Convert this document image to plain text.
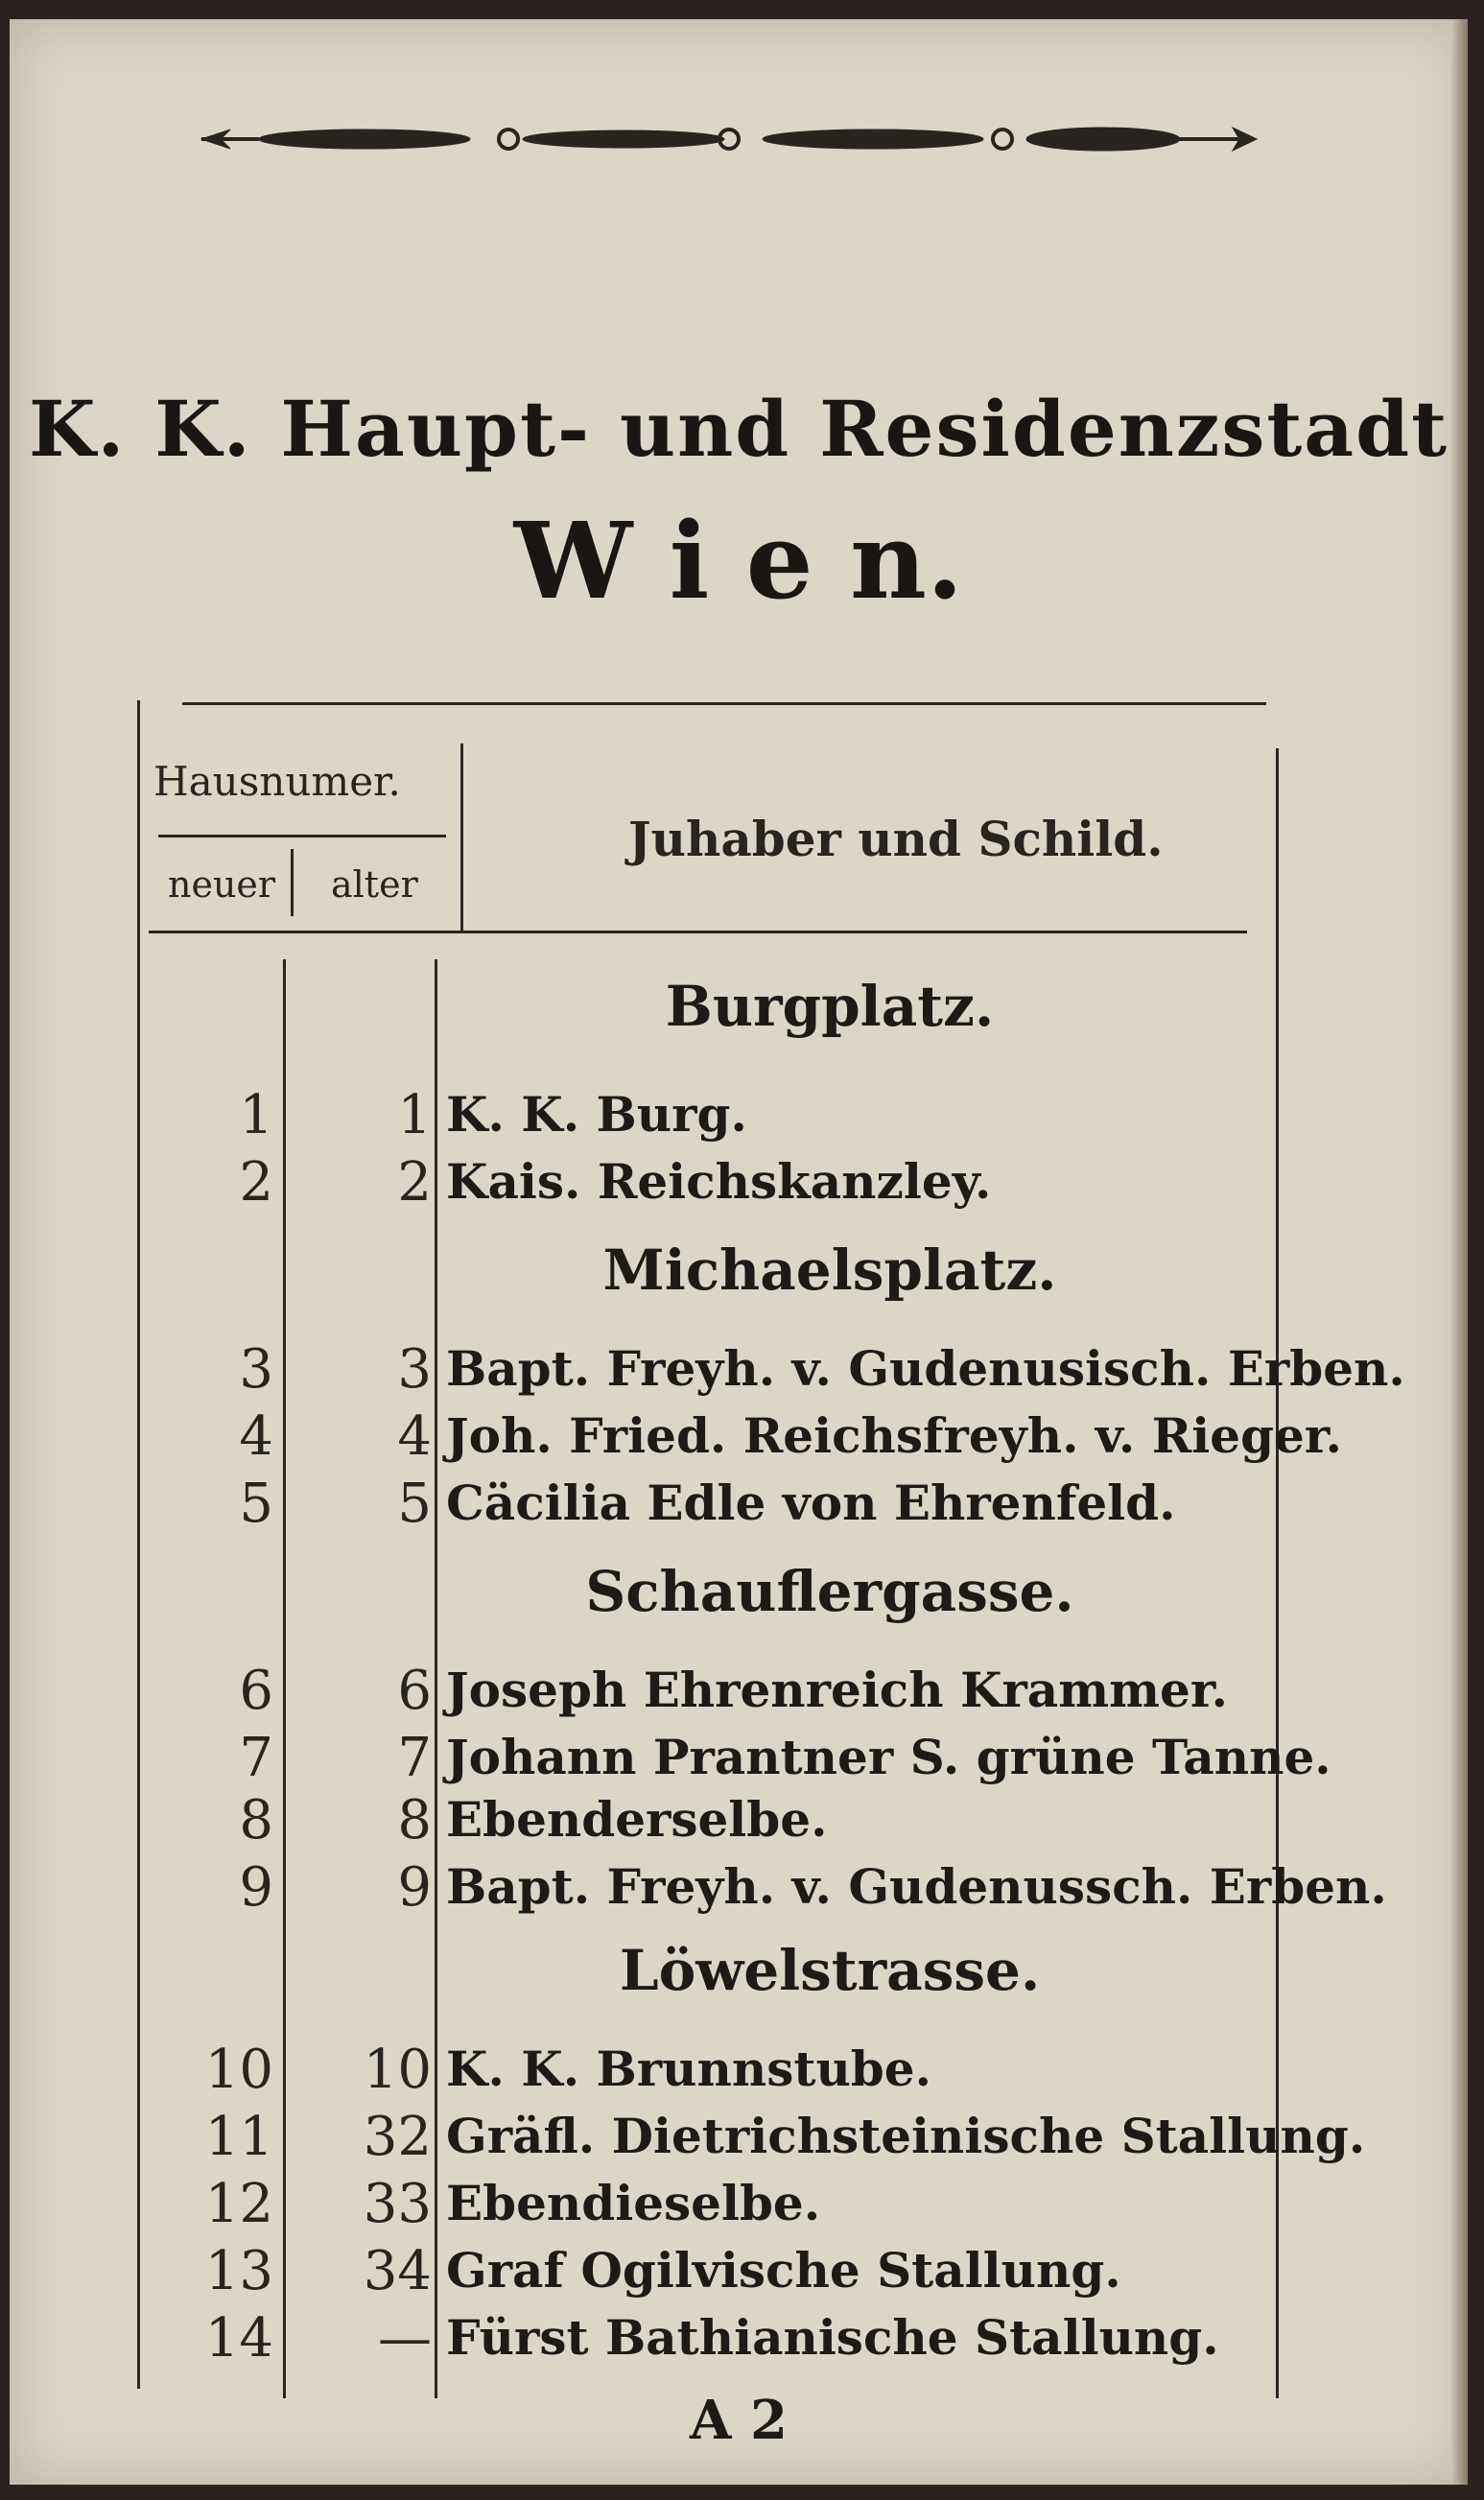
K. K. Haupt- und Residenzstadt
W i e n.
Hausnumer.
neuer alter
Juhaber und Schild.
Burgplatz.
1	1 K. K. Burg.
2	2 Kais. Reichskanzley.
Michaelsplatz.
3	3 Bapt. Freyh. v. Gudenusisch. Erben.
4	4 Joh. Fried. Reichsfreyh. v. Rieger.
5	5 Cäcilia Edle von Ehrenfeld.
Schauflergasse.
6	6 Joseph Ehrenreich Krammer.
7	7 Johann Prantner S. grüne Tanne.
8	8 Ebenderselbe.
9	9 Bapt. Freyh. v. Gudenussch. Erben.
Löwelstrasse.
10	10 K. K. Brunnstube.
11	32 Gräfl. Dietrichsteinische Stallung.
12	33 Ebendieselbe.
13	34 Graf Ogilvische Stallung.
14	— Fürst Bathianische Stallung.
A 2
